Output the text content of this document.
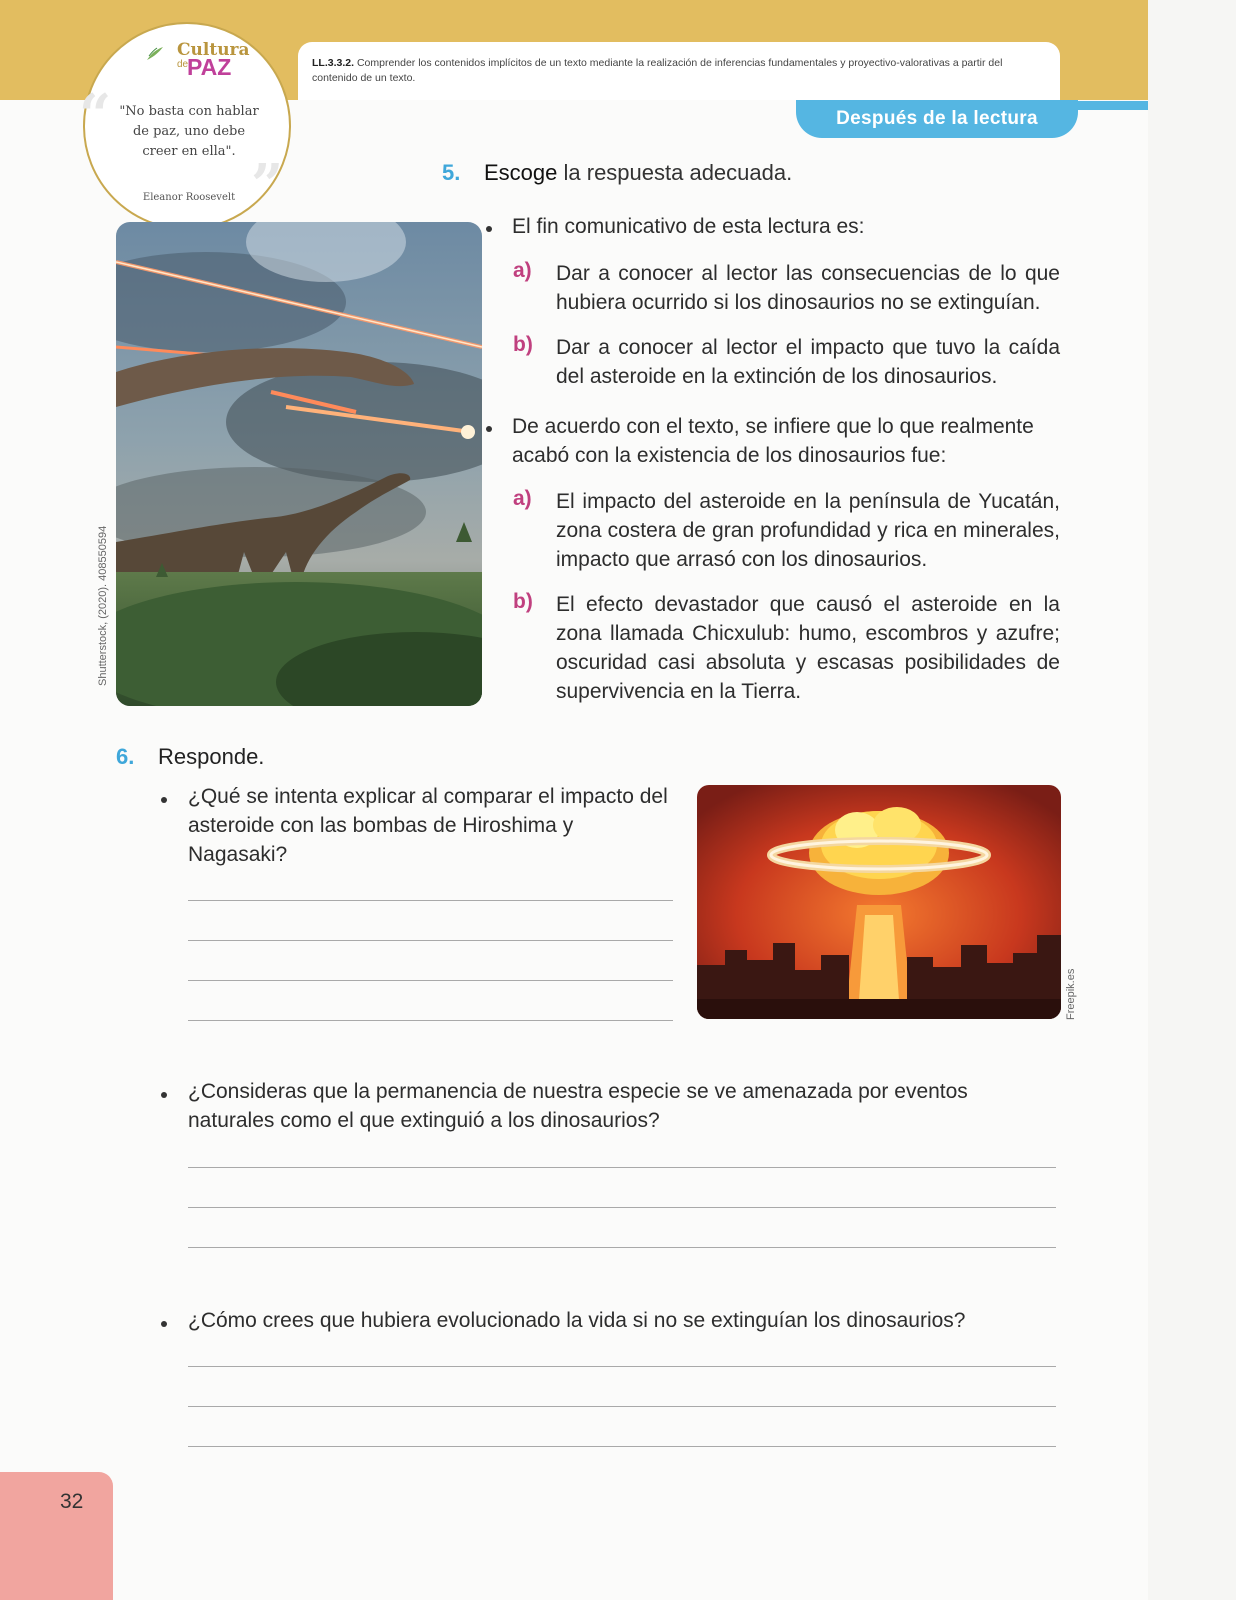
LL.3.3.2. Comprender los contenidos implícitos de un texto mediante la realización de inferencias fundamentales y proyectivo-valorativas a partir del contenido de un texto.
Después de la lectura
Cultura
de
PAZ
“
”
"No basta con hablar de paz, uno debe creer en ella".
Eleanor Roosevelt
Shutterstock, (2020). 408550594
5. Escoge la respuesta adecuada.
El fin comunicativo de esta lectura es:
a) Dar a conocer al lector las consecuencias de lo que hubiera ocurrido si los dinosaurios no se extinguían.
b) Dar a conocer al lector el impacto que tuvo la caída del asteroide en la extinción de los dinosaurios.
De acuerdo con el texto, se infiere que lo que realmente acabó con la existencia de los dinosaurios fue:
a) El impacto del asteroide en la península de Yucatán, zona costera de gran profundidad y rica en minerales, impacto que arrasó con los dinosaurios.
b) El efecto devastador que causó el asteroide en la zona llamada Chicxulub: humo, escombros y azufre; oscuridad casi absoluta y escasas posibilidades de supervivencia en la Tierra.
6. Responde.
¿Qué se intenta explicar al comparar el impacto del asteroide con las bombas de Hiroshima y Nagasaki?
Freepik.es
¿Consideras que la permanencia de nuestra especie se ve amenazada por eventos naturales como el que extinguió a los dinosaurios?
¿Cómo crees que hubiera evolucionado la vida si no se extinguían los dinosaurios?
32
